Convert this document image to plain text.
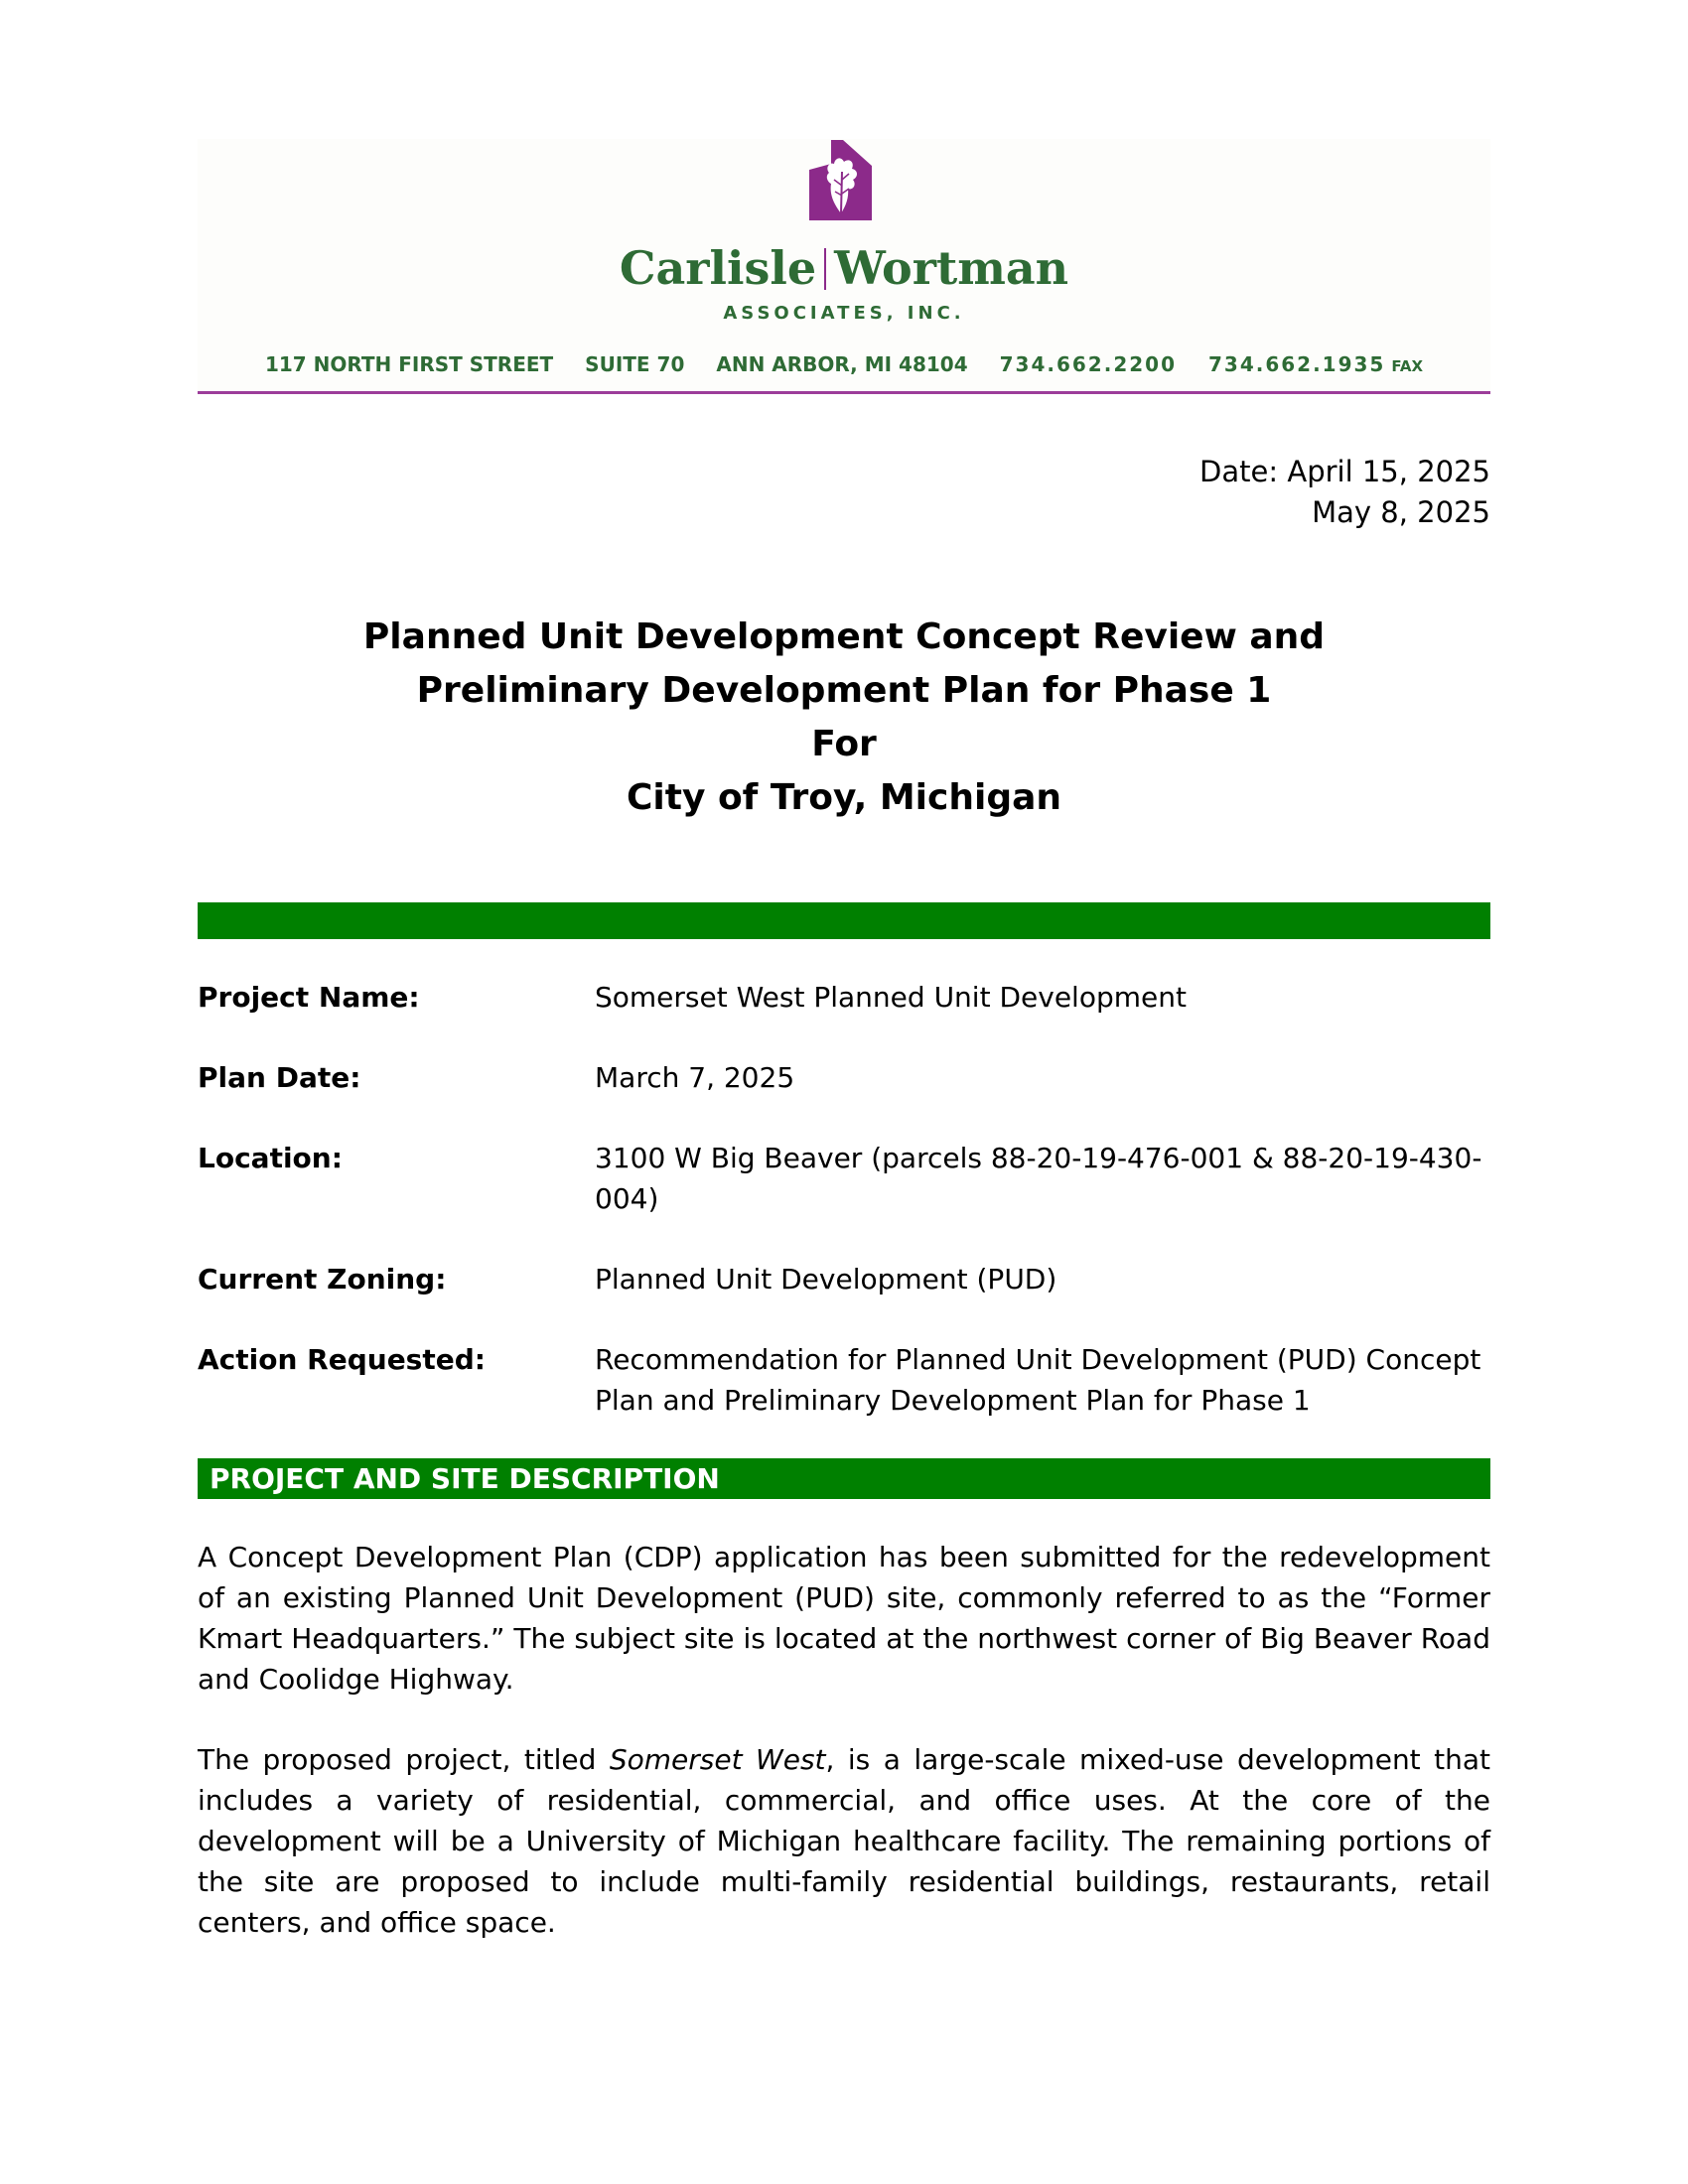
Carlisle Wortman
ASSOCIATES, INC.
117 NORTH FIRST STREET SUITE 70 ANN ARBOR, MI 48104 734.662.2200 734.662.1935 FAX
Date: April 15, 2025
May 8, 2025
Planned Unit Development Concept Review and
Preliminary Development Plan for Phase 1
For
City of Troy, Michigan
Project Name:	Somerset West Planned Unit Development
Plan Date:	March 7, 2025
Location:	3100 W Big Beaver (parcels 88-20-19-476-001 & 88-20-19-430-004)
Current Zoning:	Planned Unit Development (PUD)
Action Requested:	Recommendation for Planned Unit Development (PUD) Concept Plan and Preliminary Development Plan for Phase 1
PROJECT AND SITE DESCRIPTION

A Concept Development Plan (CDP) application has been submitted for the redevelopment of an existing Planned Unit Development (PUD) site, commonly referred to as the “Former Kmart Headquarters.” The subject site is located at the northwest corner of Big Beaver Road and Coolidge Highway.

The proposed project, titled Somerset West, is a large-scale mixed-use development that includes a variety of residential, commercial, and office uses. At the core of the development will be a University of Michigan healthcare facility. The remaining portions of the site are proposed to include multi-family residential buildings, restaurants, retail centers, and office space.
